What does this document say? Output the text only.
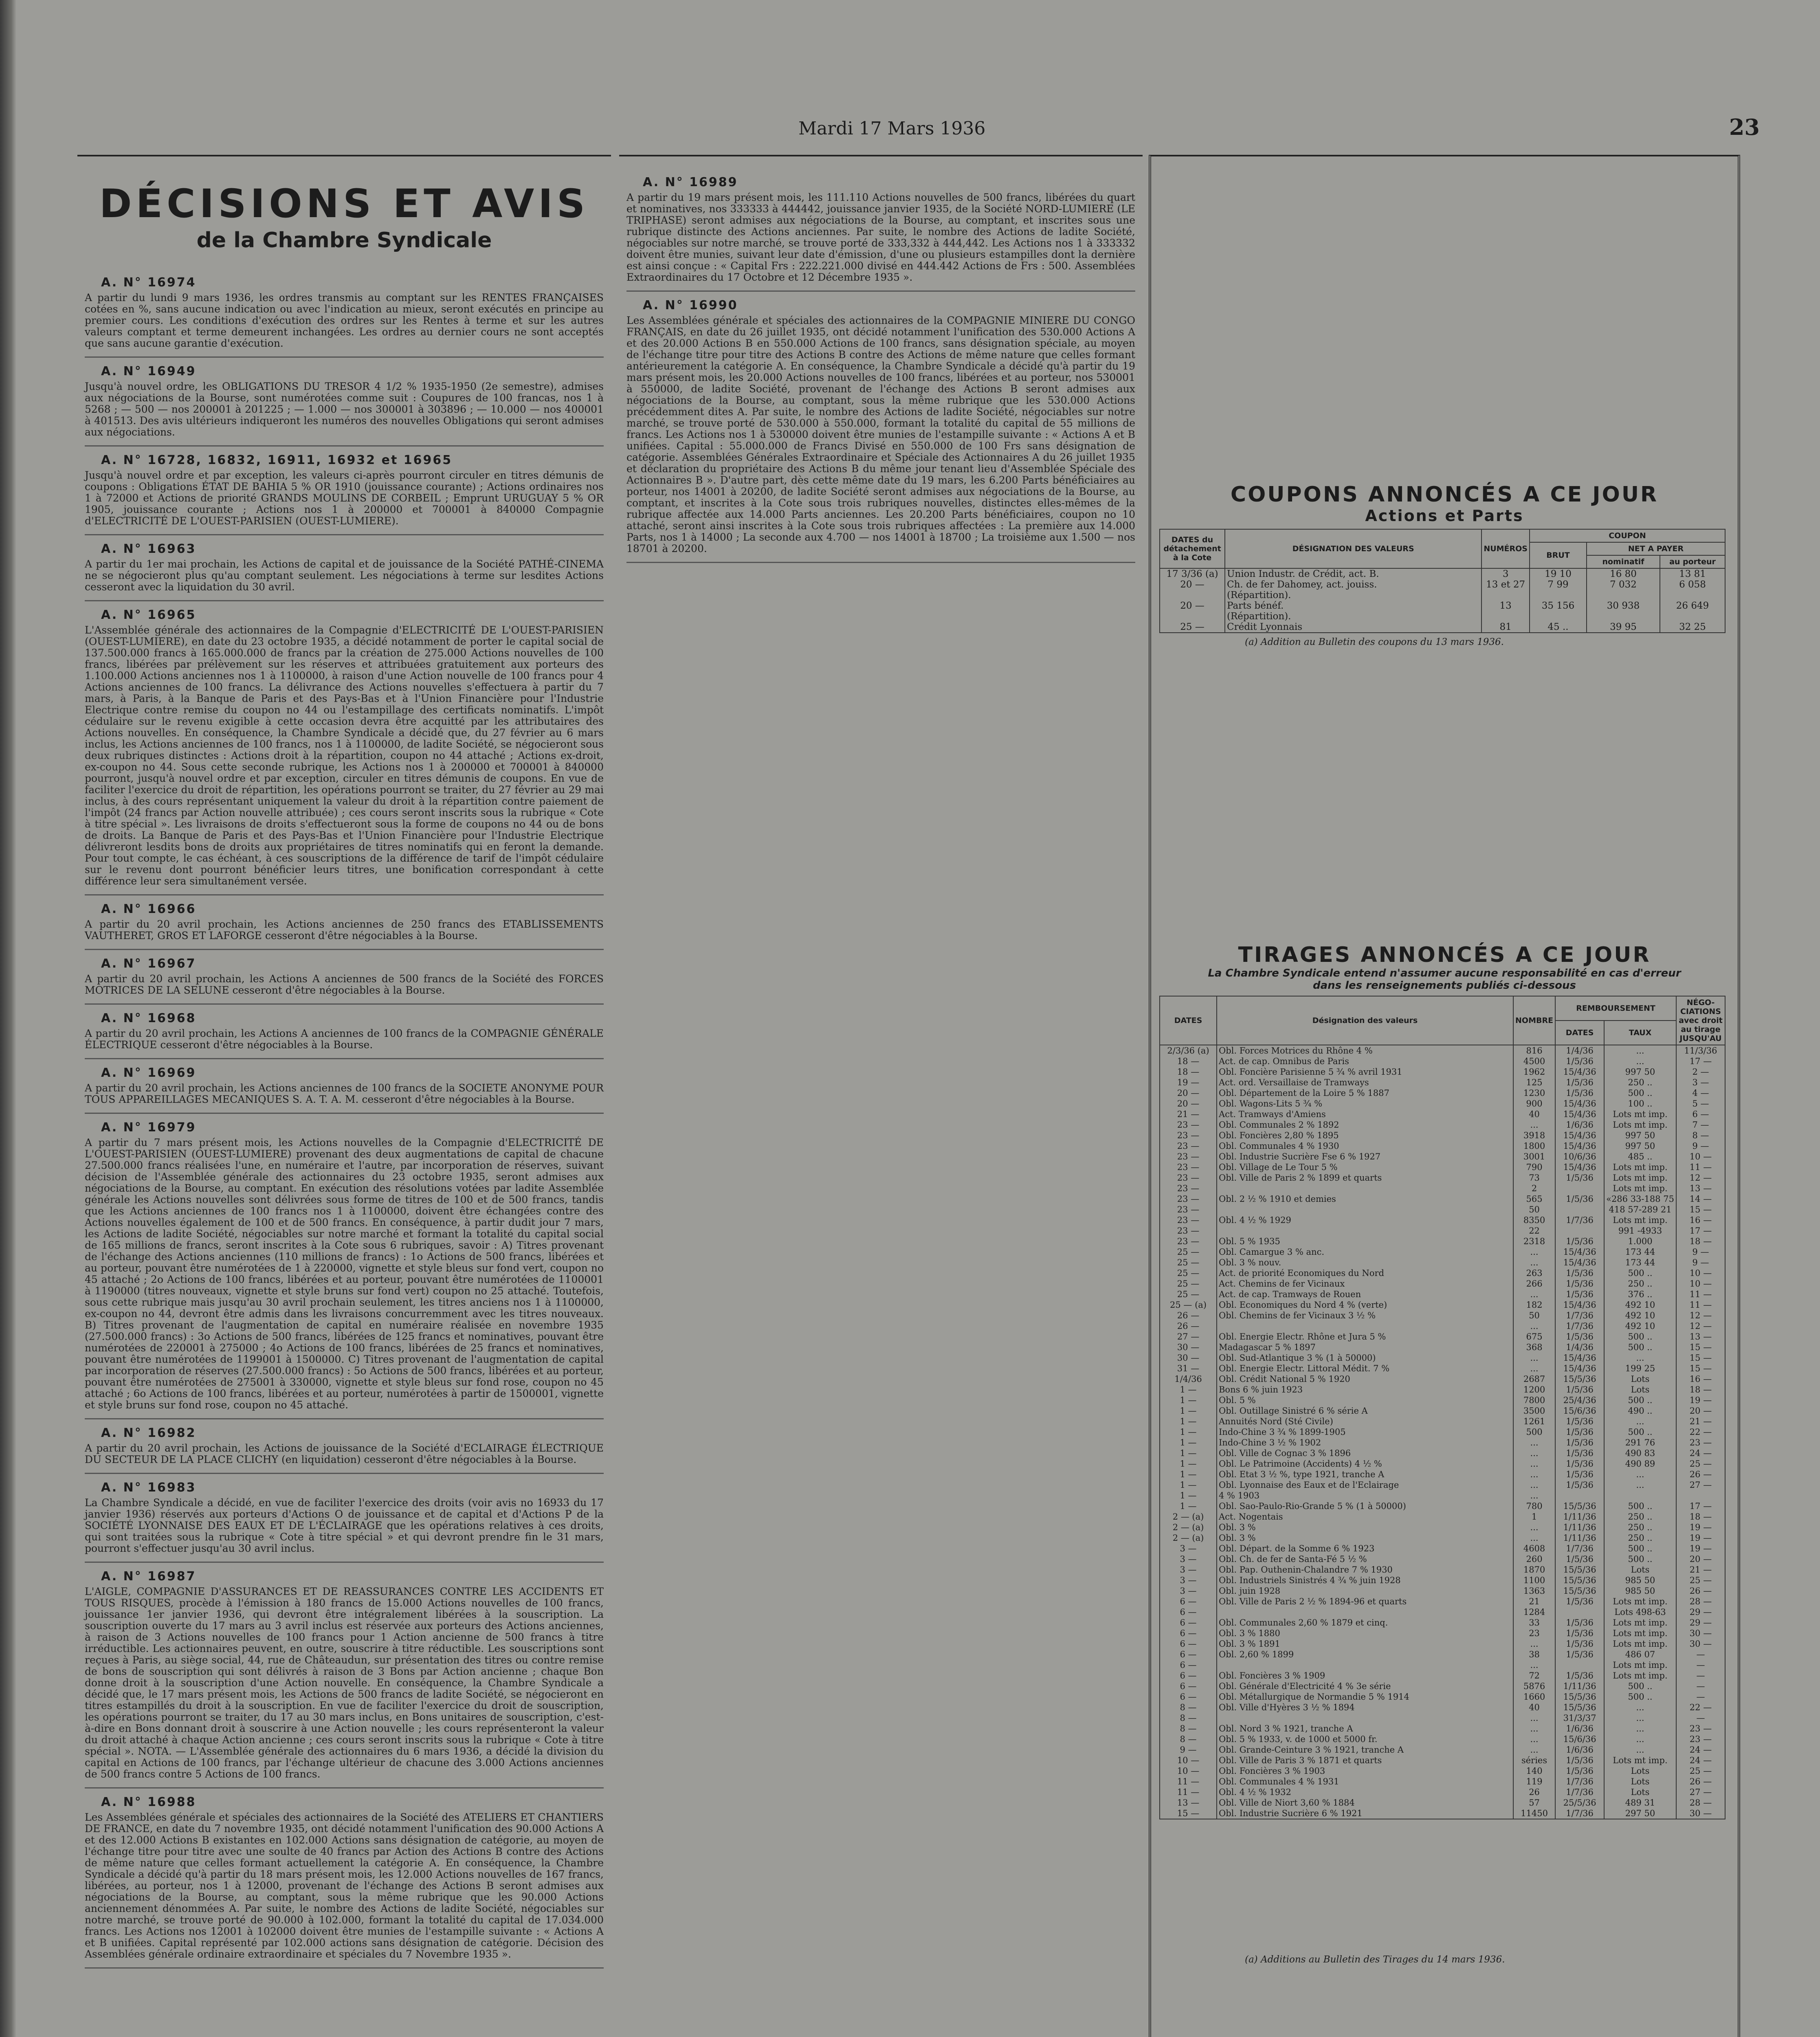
Mardi 17 Mars 1936	23
DÉCISIONS ET AVIS
de la Chambre Syndicale
A. N° 16974
A partir du lundi 9 mars 1936, les ordres transmis au comptant sur les RENTES FRANÇAISES cotées en %, sans aucune indication ou avec l'indication au mieux, seront exécutés en principe au premier cours. Les conditions d'exécution des ordres sur les Rentes à terme et sur les autres valeurs comptant et terme demeurent inchangées. Les ordres au dernier cours ne sont acceptés que sans aucune garantie d'exécution.
A. N° 16949
Jusqu'à nouvel ordre, les OBLIGATIONS DU TRESOR 4 1/2 % 1935-1950 (2e semestre), admises aux négociations de la Bourse, sont numérotées comme suit : Coupures de 100 francas, nos 1 à 5268 ; — 500 — nos 200001 à 201225 ; — 1.000 — nos 300001 à 303896 ; — 10.000 — nos 400001 à 401513. Des avis ultérieurs indiqueront les numéros des nouvelles Obligations qui seront admises aux négociations.
A. N° 16728, 16832, 16911, 16932 et 16965
Jusqu'à nouvel ordre et par exception, les valeurs ci-après pourront circuler en titres démunis de coupons : Obligations ÉTAT DE BAHIA 5 % OR 1910 (jouissance courante) ; Actions ordinaires nos 1 à 72000 et Actions de priorité GRANDS MOULINS DE CORBEIL ; Emprunt URUGUAY 5 % OR 1905, jouissance courante ; Actions nos 1 à 200000 et 700001 à 840000 Compagnie d'ELECTRICITÉ DE L'OUEST-PARISIEN (OUEST-LUMIERE).
A. N° 16963
A partir du 1er mai prochain, les Actions de capital et de jouissance de la Société PATHÉ-CINEMA ne se négocieront plus qu'au comptant seulement. Les négociations à terme sur lesdites Actions cesseront avec la liquidation du 30 avril.
A. N° 16965
L'Assemblée générale des actionnaires de la Compagnie d'ELECTRICITÉ DE L'OUEST-PARISIEN (OUEST-LUMIERE), en date du 23 octobre 1935, a décidé notamment de porter le capital social de 137.500.000 francs à 165.000.000 de francs par la création de 275.000 Actions nouvelles de 100 francs, libérées par prélèvement sur les réserves et attribuées gratuitement aux porteurs des 1.100.000 Actions anciennes nos 1 à 1100000, à raison d'une Action nouvelle de 100 francs pour 4 Actions anciennes de 100 francs. La délivrance des Actions nouvelles s'effectuera à partir du 7 mars, à Paris, à la Banque de Paris et des Pays-Bas et à l'Union Financière pour l'Industrie Electrique contre remise du coupon no 44 ou l'estampillage des certificats nominatifs. L'impôt cédulaire sur le revenu exigible à cette occasion devra être acquitté par les attributaires des Actions nouvelles. En conséquence, la Chambre Syndicale a décidé que, du 27 février au 6 mars inclus, les Actions anciennes de 100 francs, nos 1 à 1100000, de ladite Société, se négocieront sous deux rubriques distinctes : Actions droit à la répartition, coupon no 44 attaché ; Actions ex-droit, ex-coupon no 44. Sous cette seconde rubrique, les Actions nos 1 à 200000 et 700001 à 840000 pourront, jusqu'à nouvel ordre et par exception, circuler en titres démunis de coupons. En vue de faciliter l'exercice du droit de répartition, les opérations pourront se traiter, du 27 février au 29 mai inclus, à des cours représentant uniquement la valeur du droit à la répartition contre paiement de l'impôt (24 francs par Action nouvelle attribuée) ; ces cours seront inscrits sous la rubrique « Cote à titre spécial ». Les livraisons de droits s'effectueront sous la forme de coupons no 44 ou de bons de droits. La Banque de Paris et des Pays-Bas et l'Union Financière pour l'Industrie Electrique délivreront lesdits bons de droits aux propriétaires de titres nominatifs qui en feront la demande. Pour tout compte, le cas échéant, à ces souscriptions de la différence de tarif de l'impôt cédulaire sur le revenu dont pourront bénéficier leurs titres, une bonification correspondant à cette différence leur sera simultanément versée.
A. N° 16966
A partir du 20 avril prochain, les Actions anciennes de 250 francs des ETABLISSEMENTS VAUTHERET, GROS ET LAFORGE cesseront d'être négociables à la Bourse.
A. N° 16967
A partir du 20 avril prochain, les Actions A anciennes de 500 francs de la Société des FORCES MOTRICES DE LA SELUNE cesseront d'être négociables à la Bourse.
A. N° 16968
A partir du 20 avril prochain, les Actions A anciennes de 100 francs de la COMPAGNIE GÉNÉRALE ÉLECTRIQUE cesseront d'être négociables à la Bourse.
A. N° 16969
A partir du 20 avril prochain, les Actions anciennes de 100 francs de la SOCIETE ANONYME POUR TOUS APPAREILLAGES MECANIQUES S. A. T. A. M. cesseront d'être négociables à la Bourse.
A. N° 16979
A partir du 7 mars présent mois, les Actions nouvelles de la Compagnie d'ELECTRICITÉ DE L'OUEST-PARISIEN (OUEST-LUMIERE) provenant des deux augmentations de capital de chacune 27.500.000 francs réalisées l'une, en numéraire et l'autre, par incorporation de réserves, suivant décision de l'Assemblée générale des actionnaires du 23 octobre 1935, seront admises aux négociations de la Bourse, au comptant. En exécution des résolutions votées par ladite Assemblée générale les Actions nouvelles sont délivrées sous forme de titres de 100 et de 500 francs, tandis que les Actions anciennes de 100 francs nos 1 à 1100000, doivent être échangées contre des Actions nouvelles également de 100 et de 500 francs. En conséquence, à partir dudit jour 7 mars, les Actions de ladite Société, négociables sur notre marché et formant la totalité du capital social de 165 millions de francs, seront inscrites à la Cote sous 6 rubriques, savoir : A) Titres provenant de l'échange des Actions anciennes (110 millions de francs) : 1o Actions de 500 francs, libérées et au porteur, pouvant être numérotées de 1 à 220000, vignette et style bleus sur fond vert, coupon no 45 attaché ; 2o Actions de 100 francs, libérées et au porteur, pouvant être numérotées de 1100001 à 1190000 (titres nouveaux, vignette et style bruns sur fond vert) coupon no 25 attaché. Toutefois, sous cette rubrique mais jusqu'au 30 avril prochain seulement, les titres anciens nos 1 à 1100000, ex-coupon no 44, devront être admis dans les livraisons concurremment avec les titres nouveaux. B) Titres provenant de l'augmentation de capital en numéraire réalisée en novembre 1935 (27.500.000 francs) : 3o Actions de 500 francs, libérées de 125 francs et nominatives, pouvant être numérotées de 220001 à 275000 ; 4o Actions de 100 francs, libérées de 25 francs et nominatives, pouvant être numérotées de 1199001 à 1500000. C) Titres provenant de l'augmentation de capital par incorporation de réserves (27.500.000 francs) : 5o Actions de 500 francs, libérées et au porteur, pouvant être numérotées de 275001 à 330000, vignette et style bleus sur fond rose, coupon no 45 attaché ; 6o Actions de 100 francs, libérées et au porteur, numérotées à partir de 1500001, vignette et style bruns sur fond rose, coupon no 45 attaché.
A. N° 16982
A partir du 20 avril prochain, les Actions de jouissance de la Société d'ECLAIRAGE ÉLECTRIQUE DU SECTEUR DE LA PLACE CLICHY (en liquidation) cesseront d'être négociables à la Bourse.
A. N° 16983
La Chambre Syndicale a décidé, en vue de faciliter l'exercice des droits (voir avis no 16933 du 17 janvier 1936) réservés aux porteurs d'Actions O de jouissance et de capital et d'Actions P de la SOCIÉTÉ LYONNAISE DES EAUX ET DE L'ÉCLAIRAGE que les opérations relatives à ces droits, qui sont traitées sous la rubrique « Cote à titre spécial » et qui devront prendre fin le 31 mars, pourront s'effectuer jusqu'au 30 avril inclus.
A. N° 16987
L'AIGLE, COMPAGNIE D'ASSURANCES ET DE REASSURANCES CONTRE LES ACCIDENTS ET TOUS RISQUES, procède à l'émission à 180 francs de 15.000 Actions nouvelles de 100 francs, jouissance 1er janvier 1936, qui devront être intégralement libérées à la souscription. La souscription ouverte du 17 mars au 3 avril inclus est réservée aux porteurs des Actions anciennes, à raison de 3 Actions nouvelles de 100 francs pour 1 Action ancienne de 500 francs à titre irréductible. Les actionnaires peuvent, en outre, souscrire à titre réductible. Les souscriptions sont reçues à Paris, au siège social, 44, rue de Châteaudun, sur présentation des titres ou contre remise de bons de souscription qui sont délivrés à raison de 3 Bons par Action ancienne ; chaque Bon donne droit à la souscription d'une Action nouvelle. En conséquence, la Chambre Syndicale a décidé que, le 17 mars présent mois, les Actions de 500 francs de ladite Société, se négocieront en titres estampillés du droit à la souscription. En vue de faciliter l'exercice du droit de souscription, les opérations pourront se traiter, du 17 au 30 mars inclus, en Bons unitaires de souscription, c'est-à-dire en Bons donnant droit à souscrire à une Action nouvelle ; les cours représenteront la valeur du droit attaché à chaque Action ancienne ; ces cours seront inscrits sous la rubrique « Cote à titre spécial ». NOTA. — L'Assemblée générale des actionnaires du 6 mars 1936, a décidé la division du capital en Actions de 100 francs, par l'échange ultérieur de chacune des 3.000 Actions anciennes de 500 francs contre 5 Actions de 100 francs.
A. N° 16988
Les Assemblées générale et spéciales des actionnaires de la Société des ATELIERS ET CHANTIERS DE FRANCE, en date du 7 novembre 1935, ont décidé notamment l'unification des 90.000 Actions A et des 12.000 Actions B existantes en 102.000 Actions sans désignation de catégorie, au moyen de l'échange titre pour titre avec une soulte de 40 francs par Action des Actions B contre des Actions de même nature que celles formant actuellement la catégorie A. En conséquence, la Chambre Syndicale a décidé qu'à partir du 18 mars présent mois, les 12.000 Actions nouvelles de 167 francs, libérées, au porteur, nos 1 à 12000, provenant de l'échange des Actions B seront admises aux négociations de la Bourse, au comptant, sous la même rubrique que les 90.000 Actions anciennement dénommées A. Par suite, le nombre des Actions de ladite Société, négociables sur notre marché, se trouve porté de 90.000 à 102.000, formant la totalité du capital de 17.034.000 francs. Les Actions nos 12001 à 102000 doivent être munies de l'estampille suivante : « Actions A et B unifiées. Capital représenté par 102.000 actions sans désignation de catégorie. Décision des Assemblées générale ordinaire extraordinaire et spéciales du 7 Novembre 1935 ».
A. N° 16989
A partir du 19 mars présent mois, les 111.110 Actions nouvelles de 500 francs, libérées du quart et nominatives, nos 333333 à 444442, jouissance janvier 1935, de la Société NORD-LUMIERE (LE TRIPHASE) seront admises aux négociations de la Bourse, au comptant, et inscrites sous une rubrique distincte des Actions anciennes. Par suite, le nombre des Actions de ladite Société, négociables sur notre marché, se trouve porté de 333,332 à 444,442. Les Actions nos 1 à 333332 doivent être munies, suivant leur date d'émission, d'une ou plusieurs estampilles dont la dernière est ainsi conçue : « Capital Frs : 222.221.000 divisé en 444.442 Actions de Frs : 500. Assemblées Extraordinaires du 17 Octobre et 12 Décembre 1935 ».
A. N° 16990
Les Assemblées générale et spéciales des actionnaires de la COMPAGNIE MINIERE DU CONGO FRANÇAIS, en date du 26 juillet 1935, ont décidé notamment l'unification des 530.000 Actions A et des 20.000 Actions B en 550.000 Actions de 100 francs, sans désignation spéciale, au moyen de l'échange titre pour titre des Actions B contre des Actions de même nature que celles formant antérieurement la catégorie A. En conséquence, la Chambre Syndicale a décidé qu'à partir du 19 mars présent mois, les 20.000 Actions nouvelles de 100 francs, libérées et au porteur, nos 530001 à 550000, de ladite Société, provenant de l'échange des Actions B seront admises aux négociations de la Bourse, au comptant, sous la même rubrique que les 530.000 Actions précédemment dites A. Par suite, le nombre des Actions de ladite Société, négociables sur notre marché, se trouve porté de 530.000 à 550.000, formant la totalité du capital de 55 millions de francs. Les Actions nos 1 à 530000 doivent être munies de l'estampille suivante : « Actions A et B unifiées. Capital : 55.000.000 de Francs Divisé en 550.000 de 100 Frs sans désignation de catégorie. Assemblées Générales Extraordinaire et Spéciale des Actionnaires A du 26 juillet 1935 et déclaration du propriétaire des Actions B du même jour tenant lieu d'Assemblée Spéciale des Actionnaires B ». D'autre part, dès cette même date du 19 mars, les 6.200 Parts bénéficiaires au porteur, nos 14001 à 20200, de ladite Société seront admises aux négociations de la Bourse, au comptant, et inscrites à la Cote sous trois rubriques nouvelles, distinctes elles-mêmes de la rubrique affectée aux 14.000 Parts anciennes. Les 20.200 Parts bénéficiaires, coupon no 10 attaché, seront ainsi inscrites à la Cote sous trois rubriques affectées : La première aux 14.000 Parts, nos 1 à 14000 ; La seconde aux 4.700 — nos 14001 à 18700 ; La troisième aux 1.500 — nos 18701 à 20200.
COUPONS ANNONCÉS A CE JOUR
Actions et Parts
DATES du détachement à la Cote	DÉSIGNATION DES VALEURS	NUMÉROS	COUPON		
			BRUT	NET A PAYER	
				nominatif	au porteur
17 3/36 (a)	Union Industr. de Crédit, act. B.	3	19 10	16 80	13 81
20 —	Ch. de fer Dahomey, act. jouiss.	13 et 27	7 99	7 032	6 058
	(Répartition).				
20 —	Parts bénéf.	13	35 156	30 938	26 649
	(Répartition).				
25 —	Crédit Lyonnais	81	45 ..	39 95	32 25
(a) Addition au Bulletin des coupons du 13 mars 1936.
TIRAGES ANNONCÉS A CE JOUR
La Chambre Syndicale entend n'assumer aucune responsabilité en cas d'erreur
dans les renseignements publiés ci-dessous
DATES	Désignation des valeurs	NOMBRE	REMBOURSEMENT		NÉGO-CIATIONS avec droit au tirage JUSQU'AU
			DATES	TAUX	
2/3/36 (a)	Obl. Forces Motrices du Rhône 4 %	816	1/4/36	...	11/3/36
18 —	Act. de cap. Omnibus de Paris	4500	1/5/36	...	17 —
18 —	Obl. Foncière Parisienne 5 ¾ % avril 1931	1962	15/4/36	997 50	2 —
19 —	Act. ord. Versaillaise de Tramways	125	1/5/36	250 ..	3 —
20 —	Obl. Département de la Loire 5 % 1887	1230	1/5/36	500 ..	4 —
20 —	Obl. Wagons-Lits 5 ¾ %	900	15/4/36	100 ..	5 —
21 —	Act. Tramways d'Amiens	40	15/4/36	Lots mt imp.	6 —
23 —	Obl. Communales 2 % 1892	...	1/6/36	Lots mt imp.	7 —
23 —	Obl. Foncières 2,80 % 1895	3918	15/4/36	997 50	8 —
23 —	Obl. Communales 4 % 1930	1800	15/4/36	997 50	9 —
23 —	Obl. Industrie Sucrière Fse 6 % 1927	3001	10/6/36	485 ..	10 —
23 —	Obl. Village de Le Tour 5 %	790	15/4/36	Lots mt imp.	11 —
23 —	Obl. Ville de Paris 2 % 1899 et quarts	73	1/5/36	Lots mt imp.	12 —
23 —		2		Lots mt imp.	13 —
23 —	Obl. 2 ½ % 1910 et demies	565	1/5/36	«286 33-188 75	14 —
23 —		50		418 57-289 21	15 —
23 —	Obl. 4 ½ % 1929	8350	1/7/36	Lots mt imp.	16 —
23 —		22		991 -4933	17 —
23 —	Obl. 5 % 1935	2318	1/5/36	1.000	18 —
25 —	Obl. Camargue 3 % anc.	...	15/4/36	173 44	9 —
25 —	Obl. 3 % nouv.	...	15/4/36	173 44	9 —
25 —	Act. de priorité Economiques du Nord	263	1/5/36	500 ..	10 —
25 —	Act. Chemins de fer Vicinaux	266	1/5/36	250 ..	10 —
25 —	Act. de cap. Tramways de Rouen	...	1/5/36	376 ..	11 —
25 — (a)	Obl. Economiques du Nord 4 % (verte)	182	15/4/36	492 10	11 —
26 —	Obl. Chemins de fer Vicinaux 3 ½ %	50	1/7/36	492 10	12 —
26 —		...	1/7/36	492 10	12 —
27 —	Obl. Energie Electr. Rhône et Jura 5 %	675	1/5/36	500 ..	13 —
30 —	Madagascar 5 % 1897	368	1/4/36	500 ..	15 —
30 —	Obl. Sud-Atlantique 3 % (1 à 50000)	...	15/4/36	...	15 —
31 —	Obl. Energie Electr. Littoral Médit. 7 %	...	15/4/36	199 25	15 —
1/4/36	Obl. Crédit National 5 % 1920	2687	15/5/36	Lots	16 —
1 —	Bons 6 % juin 1923	1200	1/5/36	Lots	18 —
1 —	Obl. 5 %	7800	25/4/36	500 ..	19 —
1 —	Obl. Outillage Sinistré 6 % série A	3500	15/6/36	490 ..	20 —
1 —	Annuités Nord (Sté Civile)	1261	1/5/36	...	21 —
1 —	Indo-Chine 3 ¾ % 1899-1905	500	1/5/36	500 ..	22 —
1 —	Indo-Chine 3 ½ % 1902	...	1/5/36	291 76	23 —
1 —	Obl. Ville de Cognac 3 % 1896	...	1/5/36	490 83	24 —
1 —	Obl. Le Patrimoine (Accidents) 4 ½ %	...	1/5/36	490 89	25 —
1 —	Obl. Etat 3 ½ %, type 1921, tranche A	...	1/5/36	...	26 —
1 —	Obl. Lyonnaise des Eaux et de l'Eclairage	...	1/5/36	...	27 —
1 —	4 % 1903	...			
1 —	Obl. Sao-Paulo-Rio-Grande 5 % (1 à 50000)	780	15/5/36	500 ..	17 —
2 — (a)	Act. Nogentais	1	1/11/36	250 ..	18 —
2 — (a)	Obl. 3 %	...	1/11/36	250 ..	19 —
2 — (a)	Obl. 3 %	...	1/11/36	250 ..	19 —
3 —	Obl. Départ. de la Somme 6 % 1923	4608	1/7/36	500 ..	19 —
3 —	Obl. Ch. de fer de Santa-Fé 5 ½ %	260	1/5/36	500 ..	20 —
3 —	Obl. Pap. Outhenin-Chalandre 7 % 1930	1870	15/5/36	Lots	21 —
3 —	Obl. Industriels Sinistrés 4 ¾ % juin 1928	1100	15/5/36	985 50	25 —
3 —	Obl. juin 1928	1363	15/5/36	985 50	26 —
6 —	Obl. Ville de Paris 2 ½ % 1894-96 et quarts	21	1/5/36	Lots mt imp.	28 —
6 —		1284		Lots 498-63	29 —
6 —	Obl. Communales 2,60 % 1879 et cinq.	33	1/5/36	Lots mt imp.	29 —
6 —	Obl. 3 % 1880	23	1/5/36	Lots mt imp.	30 —
6 —	Obl. 3 % 1891	...	1/5/36	Lots mt imp.	30 —
6 —	Obl. 2,60 % 1899	38	1/5/36	486 07	—
6 —		...		Lots mt imp.	—
6 —	Obl. Foncières 3 % 1909	72	1/5/36	Lots mt imp.	—
6 —	Obl. Générale d'Electricité 4 % 3e série	5876	1/11/36	500 ..	—
6 —	Obl. Métallurgique de Normandie 5 % 1914	1660	15/5/36	500 ..	—
8 —	Obl. Ville d'Hyères 3 ½ % 1894	40	15/5/36	...	22 —
8 —		...	31/3/37	...	—
8 —	Obl. Nord 3 % 1921, tranche A	...	1/6/36	...	23 —
8 —	Obl. 5 % 1933, v. de 1000 et 5000 fr.	...	15/6/36	...	23 —
9 —	Obl. Grande-Ceinture 3 % 1921, tranche A	...	1/6/36	...	24 —
10 —	Obl. Ville de Paris 3 % 1871 et quarts	séries	1/5/36	Lots mt imp.	24 —
10 —	Obl. Foncières 3 % 1903	140	1/5/36	Lots	25 —
11 —	Obl. Communales 4 % 1931	119	1/7/36	Lots	26 —
11 —	Obl. 4 ½ % 1932	26	1/7/36	Lots	27 —
13 —	Obl. Ville de Niort 3,60 % 1884	57	25/5/36	489 31	28 —
15 —	Obl. Industrie Sucrière 6 % 1921	11450	1/7/36	297 50	30 —
(a) Additions au Bulletin des Tirages du 14 mars 1936.
